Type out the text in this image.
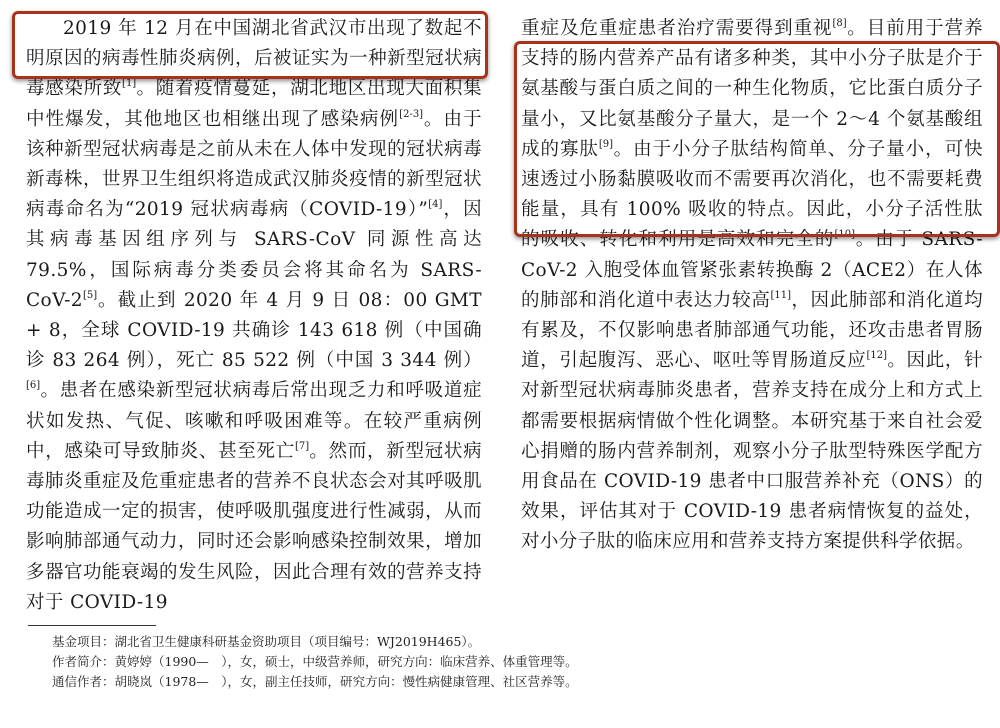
2019 年 12 月在中国湖北省武汉市出现了数起不明原因的病毒性肺炎病例，后被证实为一种新型冠状病毒感染所致[1]。随着疫情蔓延，湖北地区出现大面积集中性爆发，其他地区也相继出现了感染病例[2-3]。由于该种新型冠状病毒是之前从未在人体中发现的冠状病毒新毒株，世界卫生组织将造成武汉肺炎疫情的新型冠状病毒命名为“2019 冠状病毒病（COVID-19）”[4]，因其病毒基因组序列与 SARS-CoV 同源性高达 79.5%，国际病毒分类委员会将其命名为 SARS-CoV-2[5]。截止到 2020 年 4 月 9 日 08：00 GMT + 8，全球 COVID-19 共确诊 143 618 例（中国确诊 83 264 例），死亡 85 522 例（中国 3 344 例）[6]。患者在感染新型冠状病毒后常出现乏力和呼吸道症状如发热、气促、咳嗽和呼吸困难等。在较严重病例中，感染可导致肺炎、甚至死亡[7]。然而，新型冠状病毒肺炎重症及危重症患者的营养不良状态会对其呼吸肌功能造成一定的损害，使呼吸肌强度进行性减弱，从而影响肺部通气动力，同时还会影响感染控制效果，增加多器官功能衰竭的发生风险，因此合理有效的营养支持对于 COVID-19

重症及危重症患者治疗需要得到重视[8]。目前用于营养支持的肠内营养产品有诸多种类，其中小分子肽是介于氨基酸与蛋白质之间的一种生化物质，它比蛋白质分子量小，又比氨基酸分子量大，是一个 2～4 个氨基酸组成的寡肽[9]。由于小分子肽结构简单、分子量小，可快速透过小肠黏膜吸收而不需要再次消化，也不需要耗费能量，具有 100% 吸收的特点。因此，小分子活性肽的吸收、转化和利用是高效和完全的[10]。由于 SARS-CoV-2 入胞受体血管紧张素转换酶 2（ACE2）在人体的肺部和消化道中表达力较高[11]，因此肺部和消化道均有累及，不仅影响患者肺部通气功能，还攻击患者胃肠道，引起腹泻、恶心、呕吐等胃肠道反应[12]。因此，针对新型冠状病毒肺炎患者，营养支持在成分上和方式上都需要根据病情做个性化调整。本研究基于来自社会爱心捐赠的肠内营养制剂，观察小分子肽型特殊医学配方用食品在 COVID-19 患者中口服营养补充（ONS）的效果，评估其对于 COVID-19 患者病情恢复的益处，对小分子肽的临床应用和营养支持方案提供科学依据。

基金项目：湖北省卫生健康科研基金资助项目（项目编号：WJ2019H465）。
作者简介：黄婷婷（1990—　），女，硕士，中级营养师，研究方向：临床营养、体重管理等。
通信作者：胡晓岚（1978—　），女，副主任技师，研究方向：慢性病健康管理、社区营养等。
